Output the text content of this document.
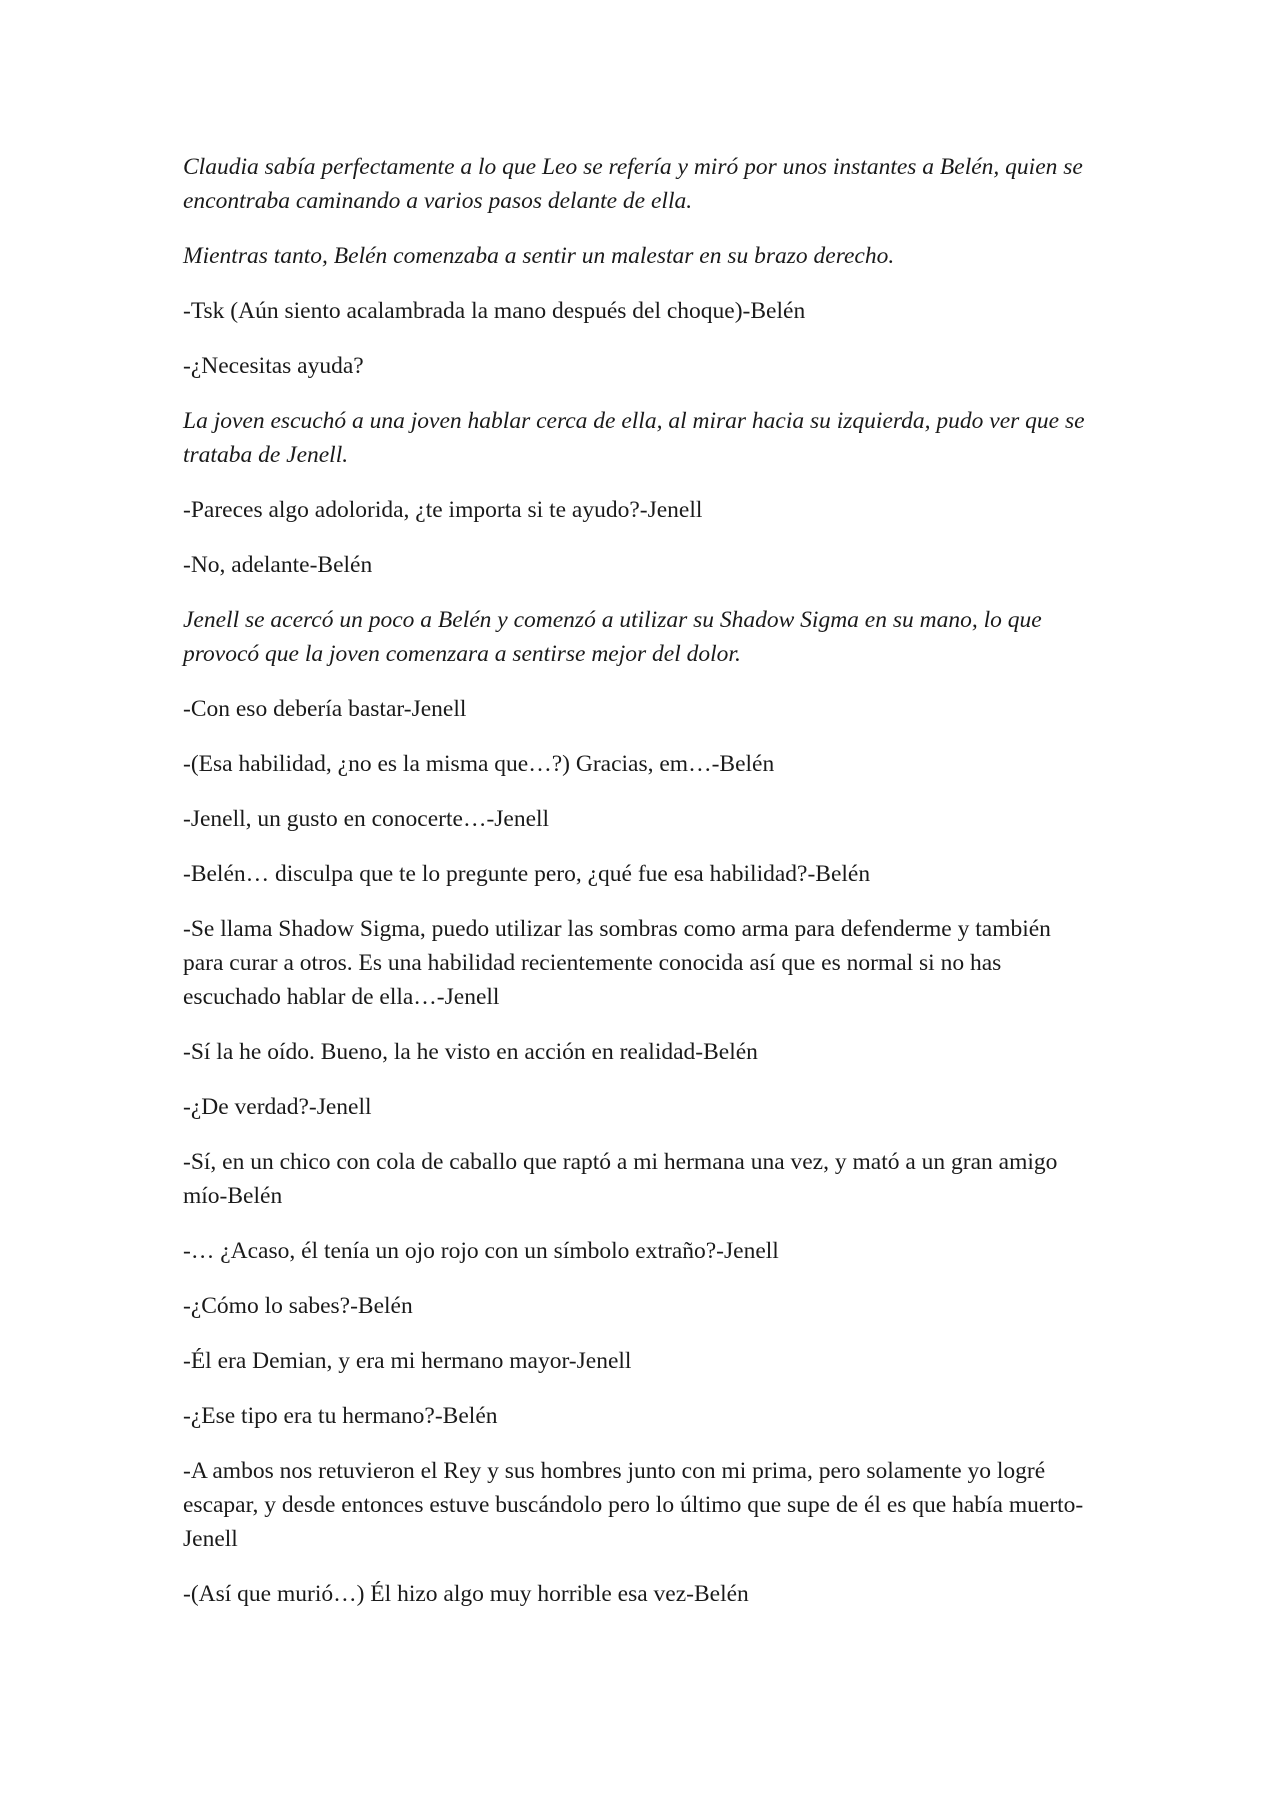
Claudia sabía perfectamente a lo que Leo se refería y miró por unos instantes a Belén, quien se encontraba caminando a varios pasos delante de ella.

Mientras tanto, Belén comenzaba a sentir un malestar en su brazo derecho.

-Tsk (Aún siento acalambrada la mano después del choque)-Belén

-¿Necesitas ayuda?

La joven escuchó a una joven hablar cerca de ella, al mirar hacia su izquierda, pudo ver que se trataba de Jenell.

-Pareces algo adolorida, ¿te importa si te ayudo?-Jenell

-No, adelante-Belén

Jenell se acercó un poco a Belén y comenzó a utilizar su Shadow Sigma en su mano, lo que provocó que la joven comenzara a sentirse mejor del dolor.

-Con eso debería bastar-Jenell

-(Esa habilidad, ¿no es la misma que…?) Gracias, em…-Belén

-Jenell, un gusto en conocerte…-Jenell

-Belén… disculpa que te lo pregunte pero, ¿qué fue esa habilidad?-Belén

-Se llama Shadow Sigma, puedo utilizar las sombras como arma para defenderme y también para curar a otros. Es una habilidad recientemente conocida así que es normal si no has escuchado hablar de ella…-Jenell

-Sí la he oído. Bueno, la he visto en acción en realidad-Belén

-¿De verdad?-Jenell

-Sí, en un chico con cola de caballo que raptó a mi hermana una vez, y mató a un gran amigo mío-Belén

-… ¿Acaso, él tenía un ojo rojo con un símbolo extraño?-Jenell

-¿Cómo lo sabes?-Belén

-Él era Demian, y era mi hermano mayor-Jenell

-¿Ese tipo era tu hermano?-Belén

-A ambos nos retuvieron el Rey y sus hombres junto con mi prima, pero solamente yo logré escapar, y desde entonces estuve buscándolo pero lo último que supe de él es que había muerto-Jenell

-(Así que murió…) Él hizo algo muy horrible esa vez-Belén
